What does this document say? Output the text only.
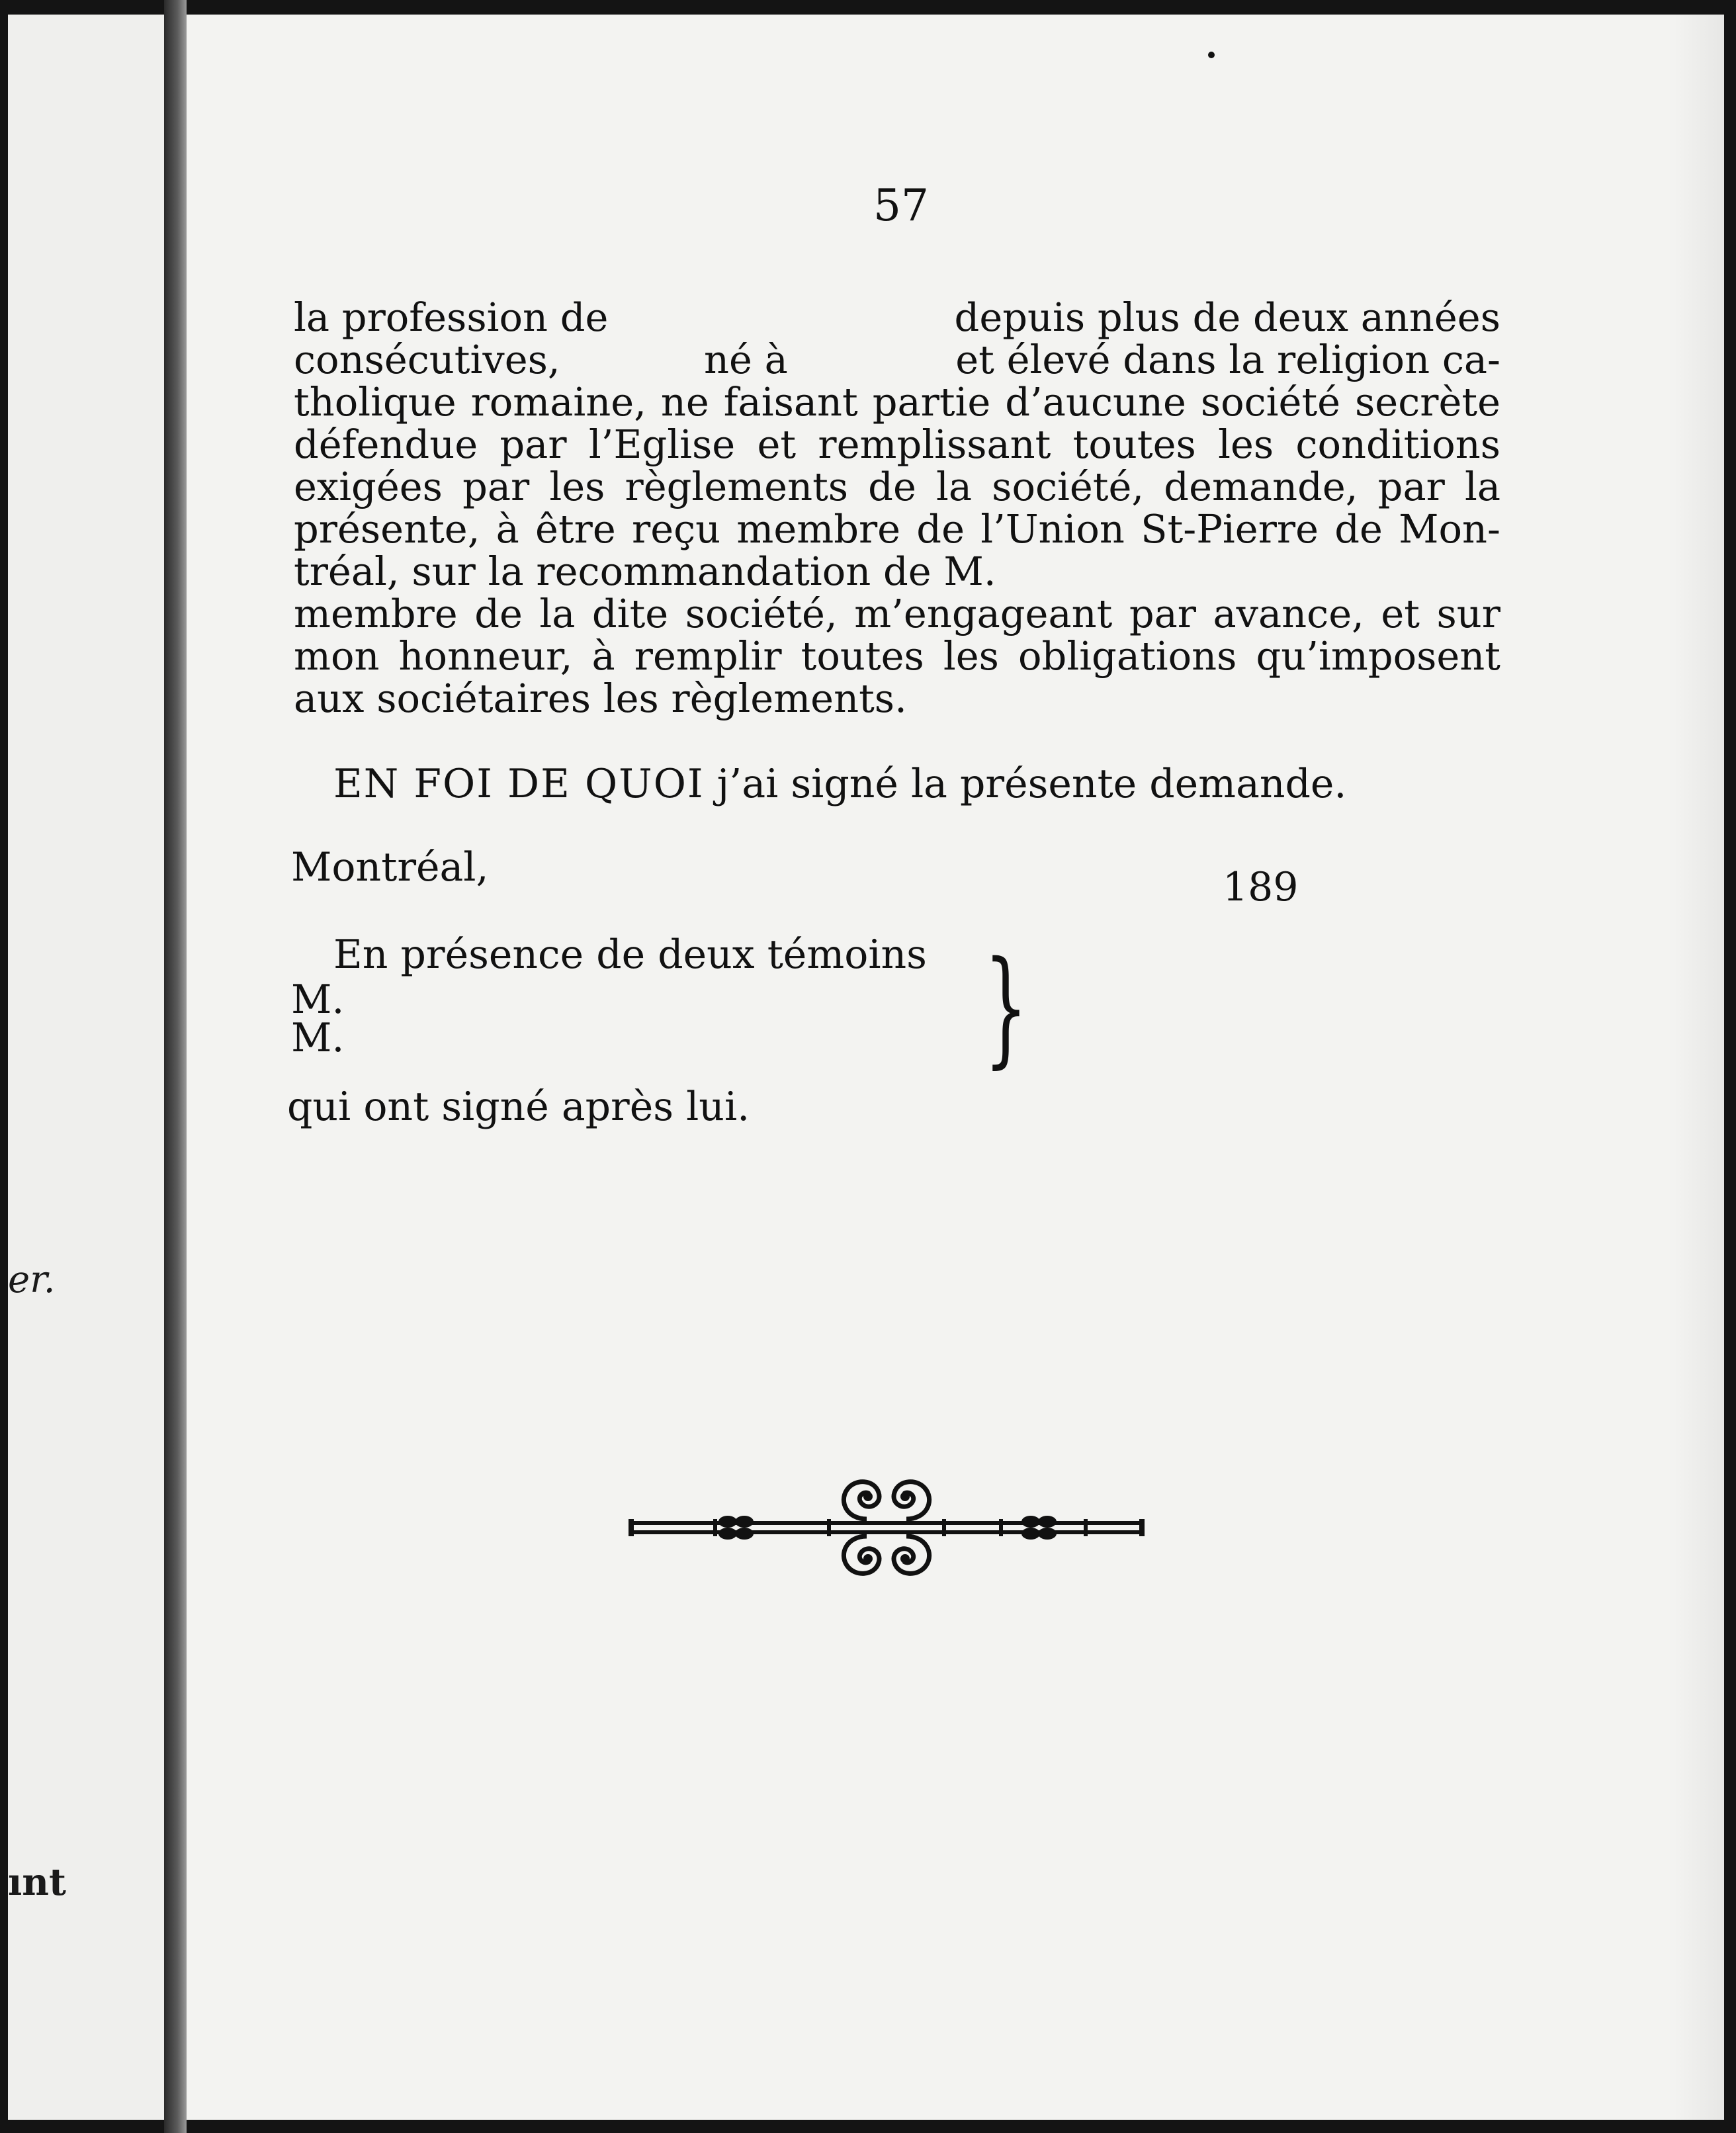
er.
ınt
57
la profession de	depuis plus de deux années
consécutives,	né à	et élevé dans la religion ca-
tholique romaine, ne faisant partie d’aucune société secrète
défendue par l’Eglise et remplissant toutes les conditions
exigées par les règlements de la société, demande, par la
présente, à être reçu membre de l’Union St-Pierre de Mon-
tréal, sur la recommandation de M.
membre de la dite société, m’engageant par avance, et sur
mon honneur, à remplir toutes les obligations qu’imposent
aux sociétaires les règlements.
EN FOI DE QUOI j’ai signé la présente demande.
Montréal,	189
En présence de deux témoins
M.
M.	}
qui ont signé après lui.
